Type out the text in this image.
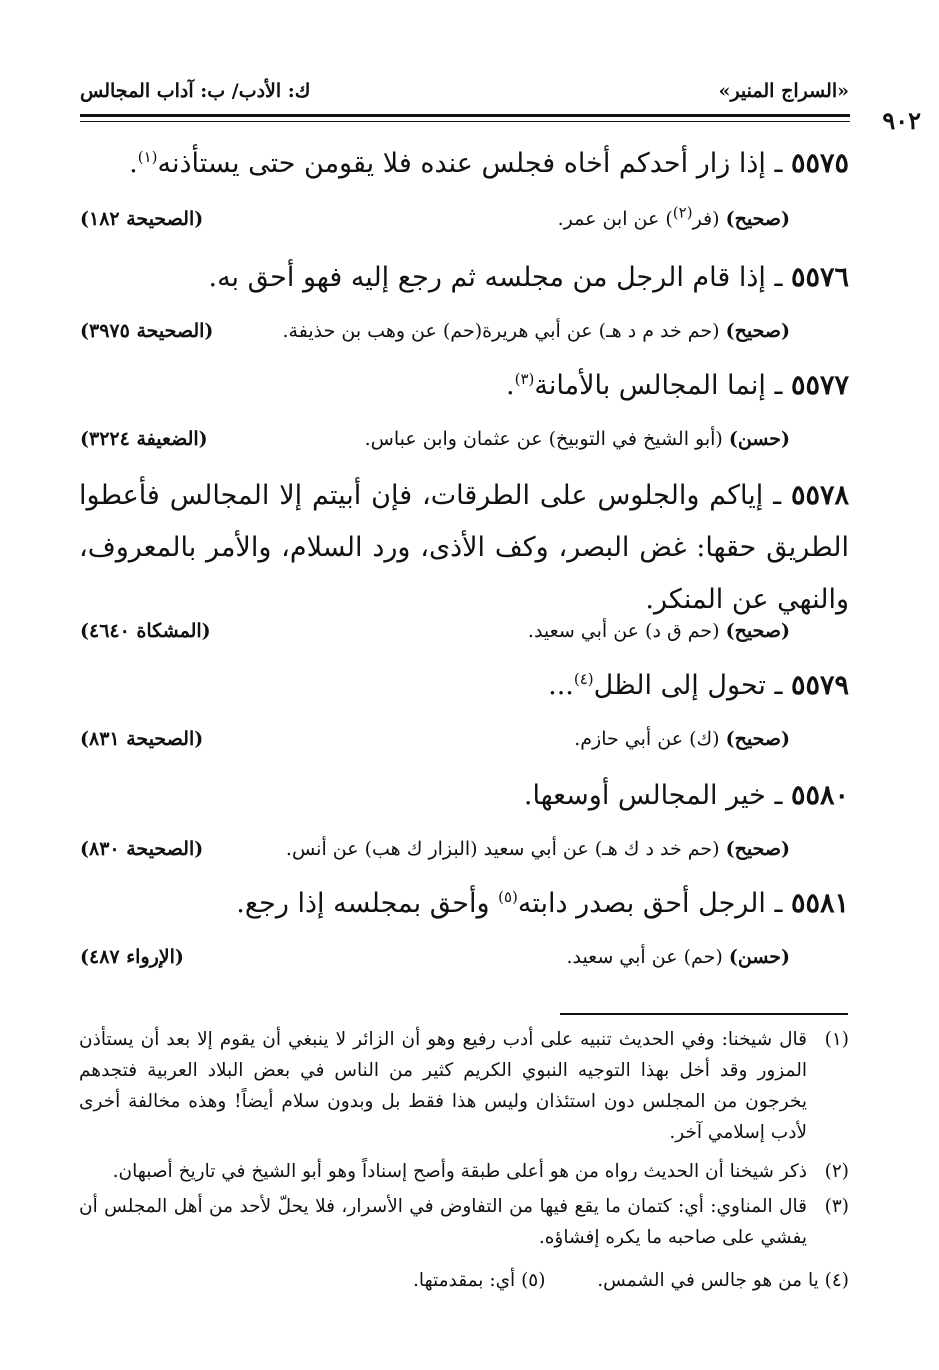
«السراج المنير»
ك: الأدب/ ب: آداب المجالس
٩٠٢
٥٥٧٥ ـ إذا زار أحدكم أخاه فجلس عنده فلا يقومن حتى يستأذنه$^{(١)}$.
(صحيح) (فر$^{(٢)}$) عن ابن عمر.
(الصحيحة ١٨٢)
٥٥٧٦ ـ إذا قام الرجل من مجلسه ثم رجع إليه فهو أحق به.
(صحيح) (حم خد م د هـ) عن أبي هريرة(حم) عن وهب بن حذيفة.
(الصحيحة ٣٩٧٥)
٥٥٧٧ ـ إنما المجالس بالأمانة$^{(٣)}$.
(حسن) (أبو الشيخ في التوبيخ) عن عثمان وابن عباس.
(الضعيفة ٣٢٢٤)
٥٥٧٨ ـ إياكم والجلوس على الطرقات، فإن أبيتم إلا المجالس فأعطوا الطريق حقها: غض البصر، وكف الأذى، ورد السلام، والأمر بالمعروف، والنهي عن المنكر.
(صحيح) (حم ق د) عن أبي سعيد.
(المشكاة ٤٦٤٠)
٥٥٧٩ ـ تحول إلى الظل$^{(٤)}$...
(صحيح) (ك) عن أبي حازم.
(الصحيحة ٨٣١)
٥٥٨٠ ـ خير المجالس أوسعها.
(صحيح) (حم خد د ك هـ) عن أبي سعيد (البزار ك هب) عن أنس.
(الصحيحة ٨٣٠)
٥٥٨١ ـ الرجل أحق بصدر دابته$^{(٥)}$ وأحق بمجلسه إذا رجع.
(حسن) (حم) عن أبي سعيد.
(الإرواء ٤٨٧)
(١)
قال شيخنا: وفي الحديث تنبيه على أدب رفيع وهو أن الزائر لا ينبغي أن يقوم إلا بعد أن يستأذن المزور وقد أخل بهذا التوجيه النبوي الكريم كثير من الناس في بعض البلاد العربية فتجدهم يخرجون من المجلس دون استئذان وليس هذا فقط بل وبدون سلام أيضاً! وهذه مخالفة أخرى لأدب إسلامي آخر.
(٢)
ذكر شيخنا أن الحديث رواه من هو أعلى طبقة وأصح إسناداً وهو أبو الشيخ في تاريخ أصبهان.
(٣)
قال المناوي: أي: كتمان ما يقع فيها من التفاوض في الأسرار، فلا يحلّ لأحد من أهل المجلس أن يفشي على صاحبه ما يكره إفشاؤه.
(٤) يا من هو جالس في الشمس.  (٥) أي: بمقدمتها.
